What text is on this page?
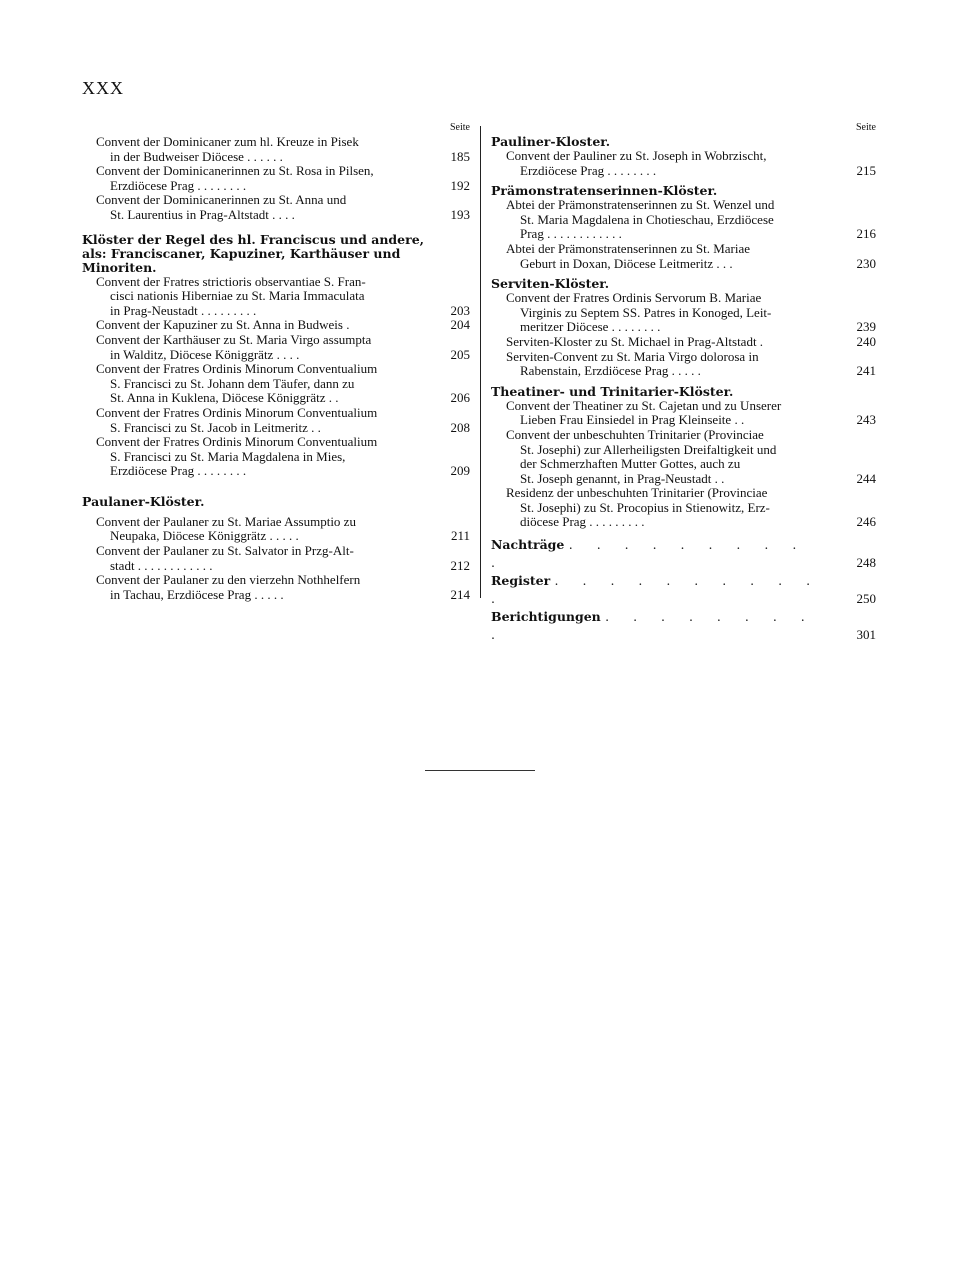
XXX
Seite
Convent der Dominicaner zum hl. Kreuze in Pisek
in der Budweiser Diöcese . . . . . .	185
Convent der Dominicanerinnen zu St. Rosa in Pilsen,
Erzdiöcese Prag . . . . . . . .	192
Convent der Dominicanerinnen zu St. Anna und
St. Laurentius in Prag-Altstadt . . . .	193
Klöster der Regel des hl. Franciscus und andere,
als: Franciscaner, Kapuziner, Karthäuser und
Minoriten.
Convent der Fratres strictioris observantiae S. Fran-
cisci nationis Hiberniae zu St. Maria Immaculata
in Prag-Neustadt . . . . . . . . .	203
Convent der Kapuziner zu St. Anna in Budweis .	204
Convent der Karthäuser zu St. Maria Virgo assumpta
in Walditz, Diöcese Königgrätz . . . .	205
Convent der Fratres Ordinis Minorum Conventualium
S. Francisci zu St. Johann dem Täufer, dann zu
St. Anna in Kuklena, Diöcese Königgrätz . .	206
Convent der Fratres Ordinis Minorum Conventualium
S. Francisci zu St. Jacob in Leitmeritz . .	208
Convent der Fratres Ordinis Minorum Conventualium
S. Francisci zu St. Maria Magdalena in Mies,
Erzdiöcese Prag . . . . . . . .	209
Paulaner-Klöster.
Convent der Paulaner zu St. Mariae Assumptio zu
Neupaka, Diöcese Königgrätz . . . . .	211
Convent der Paulaner zu St. Salvator in Przg-Alt-
stadt . . . . . . . . . . . .	212
Convent der Paulaner zu den vierzehn Nothhelfern
in Tachau, Erzdiöcese Prag . . . . .	214
Seite
Pauliner-Kloster.
Convent der Pauliner zu St. Joseph in Wobrzischt,
Erzdiöcese Prag . . . . . . . .	215
Prämonstratenserinnen-Klöster.
Abtei der Prämonstratenserinnen zu St. Wenzel und
St. Maria Magdalena in Chotieschau, Erzdiöcese
Prag . . . . . . . . . . . .	216
Abtei der Prämonstratenserinnen zu St. Mariae
Geburt in Doxan, Diöcese Leitmeritz . . .	230
Serviten-Klöster.
Convent der Fratres Ordinis Servorum B. Mariae
Virginis zu Septem SS. Patres in Konoged, Leit-
meritzer Diöcese . . . . . . . .	239
Serviten-Kloster zu St. Michael in Prag-Altstadt .	240
Serviten-Convent zu St. Maria Virgo dolorosa in
Rabenstain, Erzdiöcese Prag . . . . .	241
Theatiner- und Trinitarier-Klöster.
Convent der Theatiner zu St. Cajetan und zu Unserer
Lieben Frau Einsiedel in Prag Kleinseite . .	243
Convent der unbeschuhten Trinitarier (Provinciae
St. Josephi) zur Allerheiligsten Dreifaltigkeit und
der Schmerzhaften Mutter Gottes, auch zu
St. Joseph genannt, in Prag-Neustadt . .	244
Residenz der unbeschuhten Trinitarier (Provinciae
St. Josephi) zu St. Procopius in Stienowitz, Erz-
diöcese Prag . . . . . . . . .	246
Nachträge . . . . . . . . . .	248
Register . . . . . . . . . . .	250
Berichtigungen . . . . . . . . .	301
